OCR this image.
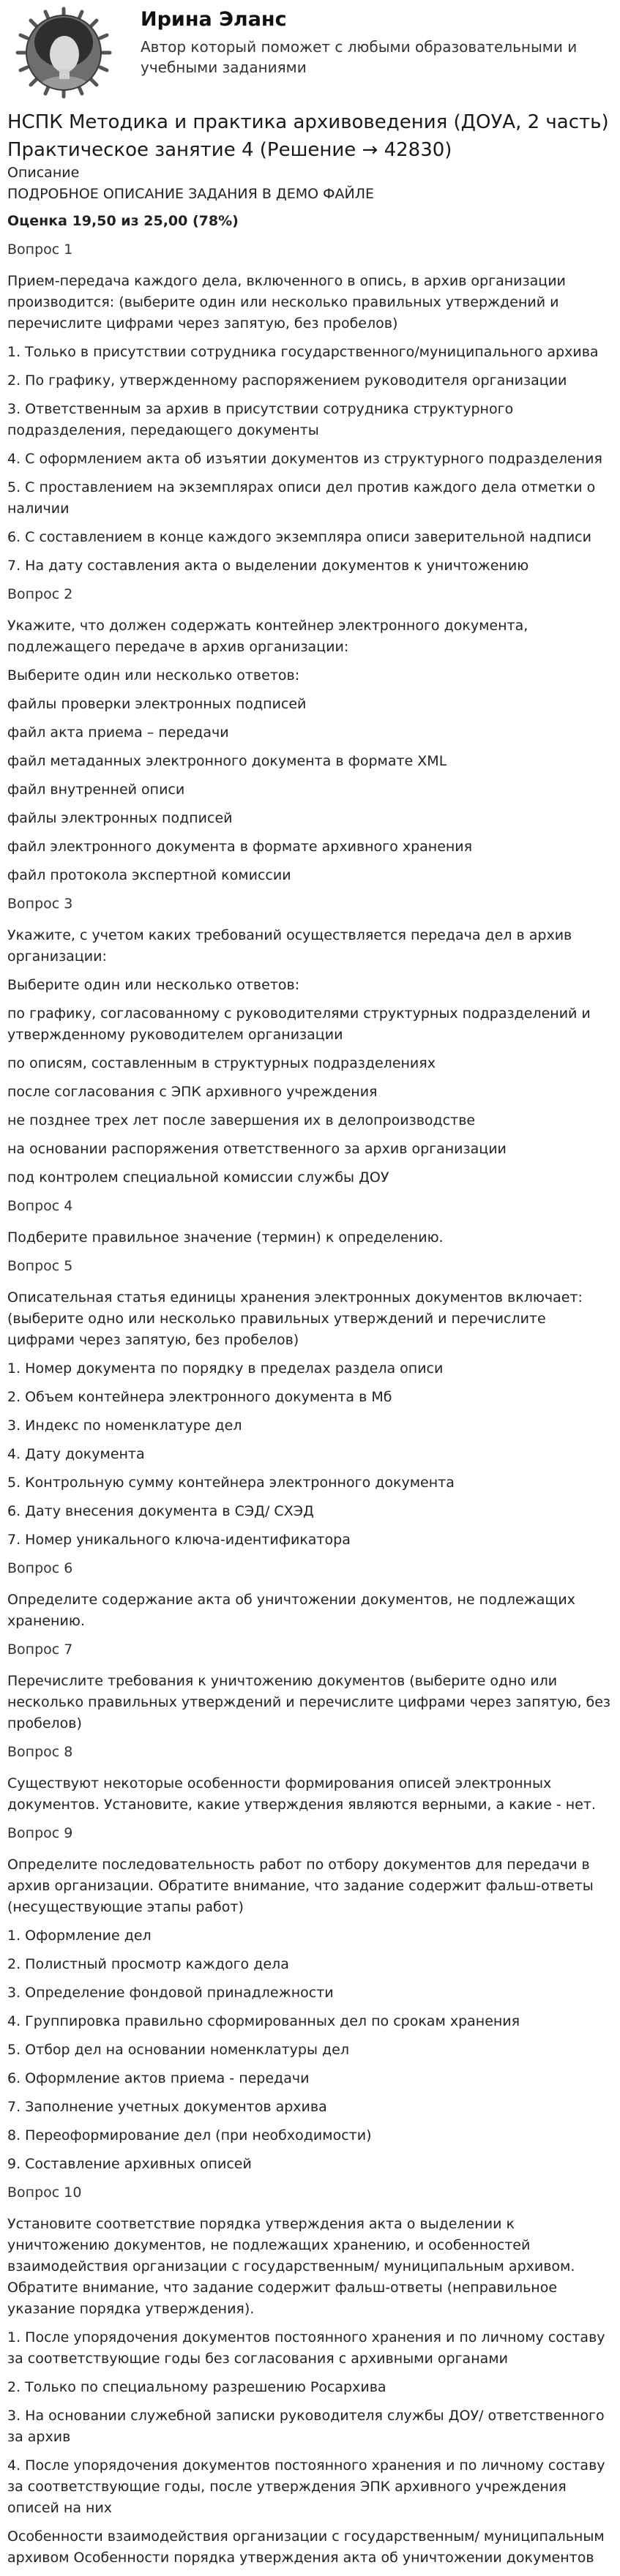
Ирина Эланс
Автор который поможет с любыми образовательными и учебными заданиями
НСПК Методика и практика архивоведения (ДОУА, 2 часть)
Практическое занятие 4 (Решение → 42830)
Описание
ПОДРОБНОЕ ОПИСАНИЕ ЗАДАНИЯ В ДЕМО ФАЙЛЕ
Оценка 19,50 из 25,00 (78%)
Вопрос 1
Прием-передача каждого дела, включенного в опись, в архив организации производится: (выберите один или несколько правильных утверждений и перечислите цифрами через запятую, без пробелов)
1. Только в присутствии сотрудника государственного/муниципального архива
2. По графику, утвержденному распоряжением руководителя организации
3. Ответственным за архив в присутствии сотрудника структурного подразделения, передающего документы
4. С оформлением акта об изъятии документов из структурного подразделения
5. С проставлением на экземплярах описи дел против каждого дела отметки о наличии
6. С составлением в конце каждого экземпляра описи заверительной надписи
7. На дату составления акта о выделении документов к уничтожению
Вопрос 2
Укажите, что должен содержать контейнер электронного документа, подлежащего передаче в архив организации:
Выберите один или несколько ответов:
файлы проверки электронных подписей
файл акта приема – передачи
файл метаданных электронного документа в формате XML
файл внутренней описи
файлы электронных подписей
файл электронного документа в формате архивного хранения
файл протокола экспертной комиссии
Вопрос 3
Укажите, с учетом каких требований осуществляется передача дел в архив организации:
Выберите один или несколько ответов:
по графику, согласованному с руководителями структурных подразделений и утвержденному руководителем организации
по описям, составленным в структурных подразделениях
после согласования с ЭПК архивного учреждения
не позднее трех лет после завершения их в делопроизводстве
на основании распоряжения ответственного за архив организации
под контролем специальной комиссии службы ДОУ
Вопрос 4
Подберите правильное значение (термин) к определению.
Вопрос 5
Описательная статья единицы хранения электронных документов включает: (выберите одно или несколько правильных утверждений и перечислите цифрами через запятую, без пробелов)
1. Номер документа по порядку в пределах раздела описи
2. Объем контейнера электронного документа в Мб
3. Индекс по номенклатуре дел
4. Дату документа
5. Контрольную сумму контейнера электронного документа
6. Дату внесения документа в СЭД/ СХЭД
7. Номер уникального ключа-идентификатора
Вопрос 6
Определите содержание акта об уничтожении документов, не подлежащих хранению.
Вопрос 7
Перечислите требования к уничтожению документов (выберите одно или несколько правильных утверждений и перечислите цифрами через запятую, без пробелов)
Вопрос 8
Существуют некоторые особенности формирования описей электронных документов. Установите, какие утверждения являются верными, а какие - нет.
Вопрос 9
Определите последовательность работ по отбору документов для передачи в архив организации. Обратите внимание, что задание содержит фальш-ответы (несуществующие этапы работ)
1. Оформление дел
2. Полистный просмотр каждого дела
3. Определение фондовой принадлежности
4. Группировка правильно сформированных дел по срокам хранения
5. Отбор дел на основании номенклатуры дел
6. Оформление актов приема - передачи
7. Заполнение учетных документов архива
8. Переоформирование дел (при необходимости)
9. Составление архивных описей
Вопрос 10
Установите соответствие порядка утверждения акта о выделении к уничтожению документов, не подлежащих хранению, и особенностей взаимодействия организации с государственным/ муниципальным архивом. Обратите внимание, что задание содержит фальш-ответы (неправильное указание порядка утверждения).
1. После упорядочения документов постоянного хранения и по личному составу за соответствующие годы без согласования с архивными органами
2. Только по специальному разрешению Росархива
3. На основании служебной записки руководителя службы ДОУ/ ответственного за архив
4. После упорядочения документов постоянного хранения и по личному составу за соответствующие годы, после утверждения ЭПК архивного учреждения описей на них
Особенности взаимодействия организации с государственным/ муниципальным архивом Особенности порядка утверждения акта об уничтожении документов
